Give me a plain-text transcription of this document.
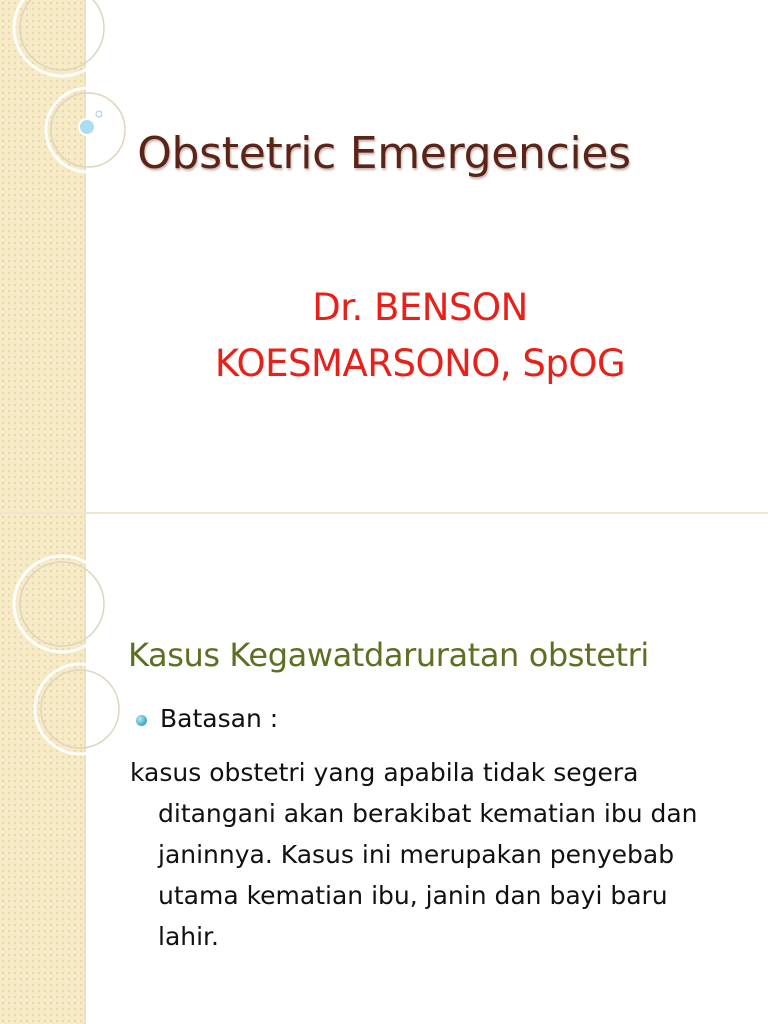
Obstetric Emergencies
Dr. BENSON
KOESMARSONO, SpOG
Kasus Kegawatdaruratan obstetri
Batasan :
kasus obstetri yang apabila tidak segera
ditangani akan berakibat kematian ibu dan
janinnya. Kasus ini merupakan penyebab
utama kematian ibu, janin dan bayi baru
lahir.
